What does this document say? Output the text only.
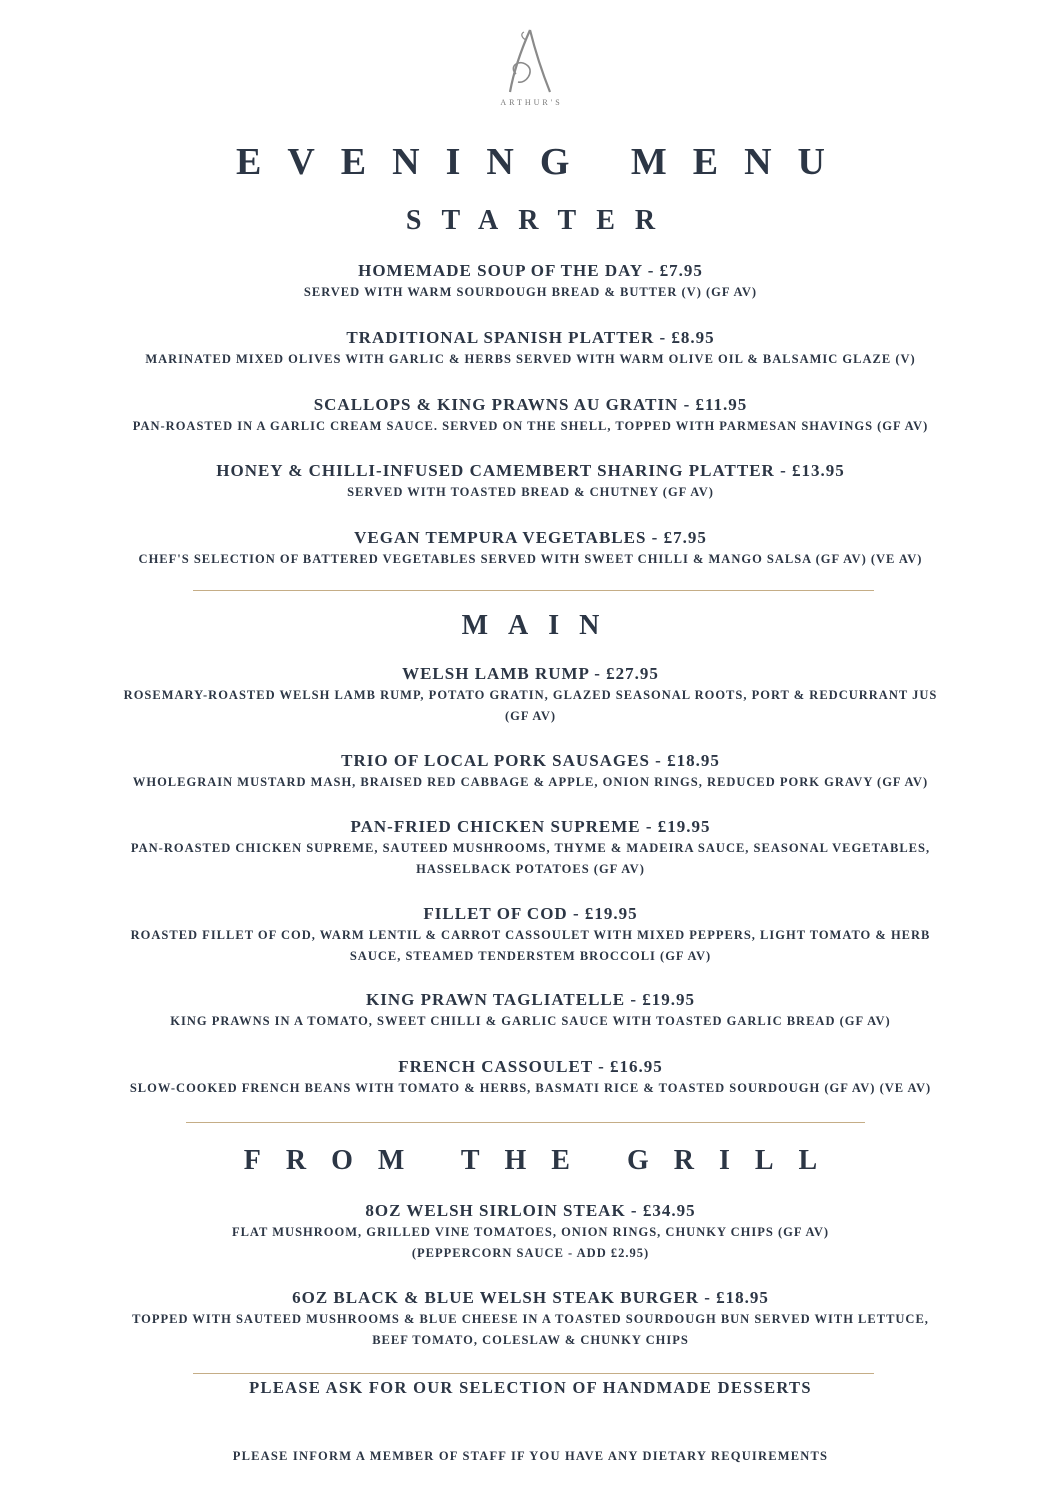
ARTHUR'S
EVENING MENU
STARTER
HOMEMADE SOUP OF THE DAY - £7.95
SERVED WITH WARM SOURDOUGH BREAD & BUTTER (V) (GF AV)
TRADITIONAL SPANISH PLATTER - £8.95
MARINATED MIXED OLIVES WITH GARLIC & HERBS SERVED WITH WARM OLIVE OIL & BALSAMIC GLAZE (V)
SCALLOPS & KING PRAWNS AU GRATIN - £11.95
PAN-ROASTED IN A GARLIC CREAM SAUCE. SERVED ON THE SHELL, TOPPED WITH PARMESAN SHAVINGS (GF AV)
HONEY & CHILLI-INFUSED CAMEMBERT SHARING PLATTER - £13.95
SERVED WITH TOASTED BREAD & CHUTNEY (GF AV)
VEGAN TEMPURA VEGETABLES - £7.95
CHEF'S SELECTION OF BATTERED VEGETABLES SERVED WITH SWEET CHILLI & MANGO SALSA (GF AV) (VE AV)
MAIN
WELSH LAMB RUMP - £27.95
ROSEMARY-ROASTED WELSH LAMB RUMP, POTATO GRATIN, GLAZED SEASONAL ROOTS, PORT & REDCURRANT JUS
(GF AV)
TRIO OF LOCAL PORK SAUSAGES - £18.95
WHOLEGRAIN MUSTARD MASH, BRAISED RED CABBAGE & APPLE, ONION RINGS, REDUCED PORK GRAVY (GF AV)
PAN-FRIED CHICKEN SUPREME - £19.95
PAN-ROASTED CHICKEN SUPREME, SAUTEED MUSHROOMS, THYME & MADEIRA SAUCE, SEASONAL VEGETABLES,
HASSELBACK POTATOES (GF AV)
FILLET OF COD - £19.95
ROASTED FILLET OF COD, WARM LENTIL & CARROT CASSOULET WITH MIXED PEPPERS, LIGHT TOMATO & HERB
SAUCE, STEAMED TENDERSTEM BROCCOLI (GF AV)
KING PRAWN TAGLIATELLE - £19.95
KING PRAWNS IN A TOMATO, SWEET CHILLI & GARLIC SAUCE WITH TOASTED GARLIC BREAD (GF AV)
FRENCH CASSOULET - £16.95
SLOW-COOKED FRENCH BEANS WITH TOMATO & HERBS, BASMATI RICE & TOASTED SOURDOUGH (GF AV) (VE AV)
FROM THE GRILL
8OZ WELSH SIRLOIN STEAK - £34.95
FLAT MUSHROOM, GRILLED VINE TOMATOES, ONION RINGS, CHUNKY CHIPS (GF AV)
(PEPPERCORN SAUCE - ADD £2.95)
6OZ BLACK & BLUE WELSH STEAK BURGER - £18.95
TOPPED WITH SAUTEED MUSHROOMS & BLUE CHEESE IN A TOASTED SOURDOUGH BUN SERVED WITH LETTUCE,
BEEF TOMATO, COLESLAW & CHUNKY CHIPS
PLEASE ASK FOR OUR SELECTION OF HANDMADE DESSERTS
PLEASE INFORM A MEMBER OF STAFF IF YOU HAVE ANY DIETARY REQUIREMENTS
